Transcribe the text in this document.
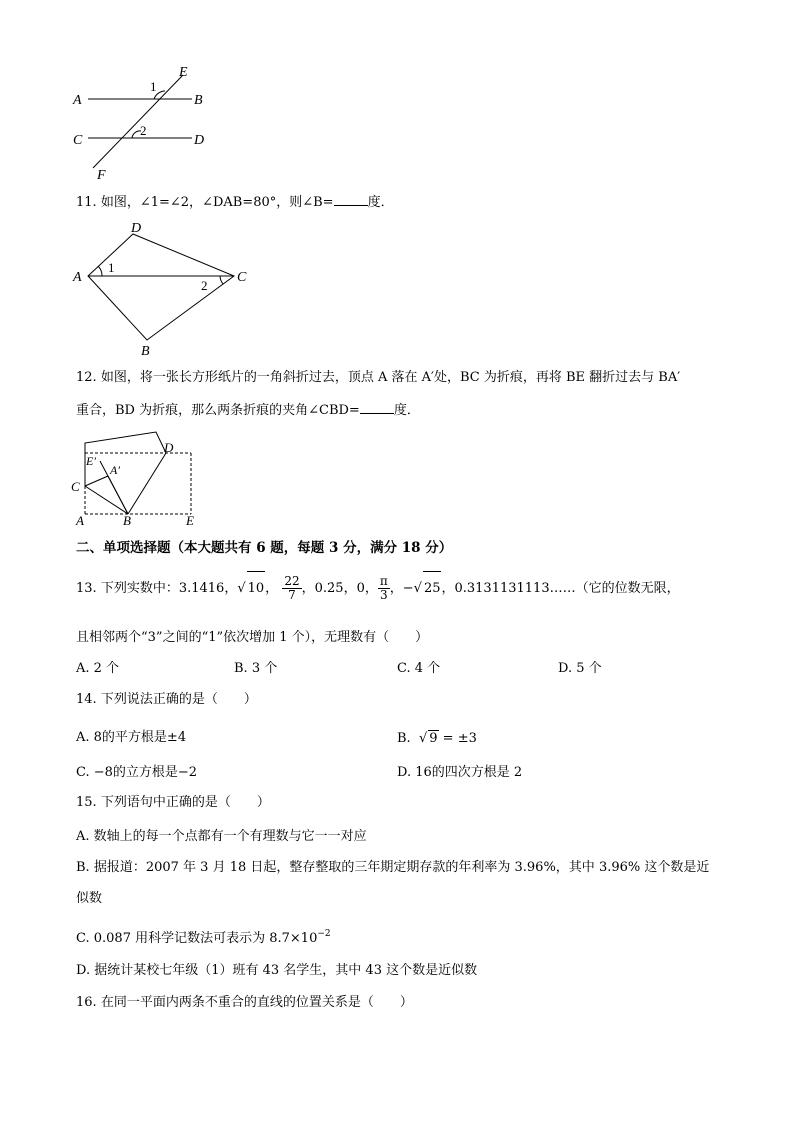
A	B
C	D
E
F
1
2
11. 如图，∠1=∠2，∠DAB=80°，则∠B=	度．
A
D
C
B
1
2
12. 如图，将一张长方形纸片的一角斜折过去，顶点 A 落在 A′处，BC 为折痕，再将 BE 翻折过去与 BA′
重合，BD 为折痕，那么两条折痕的夹角∠CBD=	度．
D
E′
A′
C
A	B	E
二、单项选择题（本大题共有 6 题，每题 3 分，满分 18 分）
13. 下列实数中：3.1416，√ 10， $\frac{22}{7}$ ，0.2̇5̇，0， $\frac{\pi}{3}$ ，−√ 25，0.3131131113……（它的位数无限，
且相邻两个“3”之间的“1”依次增加 1 个），无理数有（　　）
A. 2 个	B. 3 个	C. 4 个	D. 5 个
14. 下列说法正确的是（　　）
A. 8的平方根是±4	B. √ 9 = ±3
C. −8的立方根是−2	D. 16的四次方根是 2
15. 下列语句中正确的是（　　）
A. 数轴上的每一个点都有一个有理数与它一一对应
B. 据报道：2007 年 3 月 18 日起，整存整取的三年期定期存款的年利率为 3.96%，其中 3.96% 这个数是近
似数
C. 0.087 用科学记数法可表示为 $8.7\times 10^{-2}$
D. 据统计某校七年级（1）班有 43 名学生，其中 43 这个数是近似数
16. 在同一平面内两条不重合的直线的位置关系是（　　）
